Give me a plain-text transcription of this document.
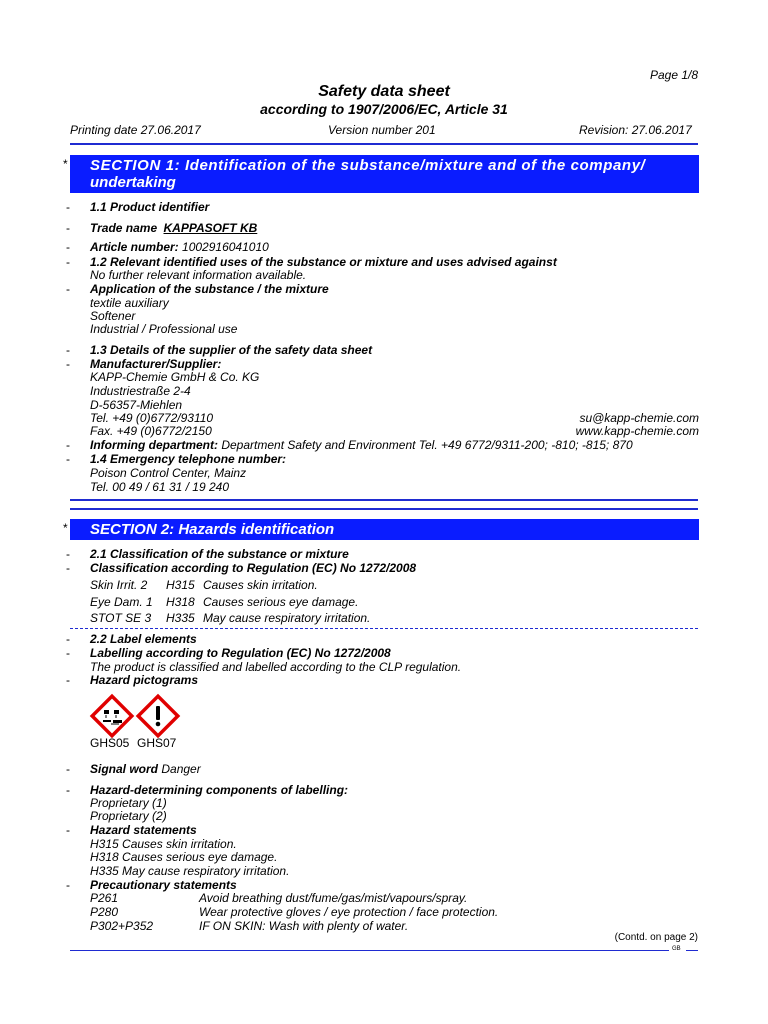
Page 1/8
Safety data sheet
according to 1907/2006/EC, Article 31
Printing date 27.06.2017	Version number 201	Revision: 27.06.2017
* SECTION 1: Identification of the substance/mixture and of the company/
undertaking
- 1.1 Product identifier
- Trade name KAPPASOFT KB
- Article number: 1002916041010
- 1.2 Relevant identified uses of the substance or mixture and uses advised against
No further relevant information available.
- Application of the substance / the mixture
textile auxiliary
Softener
Industrial / Professional use
- 1.3 Details of the supplier of the safety data sheet
- Manufacturer/Supplier:
KAPP-Chemie GmbH & Co. KG
Industriestraße 2-4
D-56357-Miehlen
Tel. +49 (0)6772/93110	su@kapp-chemie.com
Fax. +49 (0)6772/2150	www.kapp-chemie.com
- Informing department: Department Safety and Environment Tel. +49 6772/9311-200; -810; -815; 870
- 1.4 Emergency telephone number:
Poison Control Center, Mainz
Tel. 00 49 / 61 31 / 19 240
* SECTION 2: Hazards identification
- 2.1 Classification of the substance or mixture
- Classification according to Regulation (EC) No 1272/2008
Skin Irrit. 2 H315 Causes skin irritation.
Eye Dam. 1 H318 Causes serious eye damage.
STOT SE 3 H335 May cause respiratory irritation.
- 2.2 Label elements
- Labelling according to Regulation (EC) No 1272/2008
The product is classified and labelled according to the CLP regulation.
- Hazard pictograms
GHS05 GHS07
- Signal word Danger
- Hazard-determining components of labelling:
Proprietary (1)
Proprietary (2)
- Hazard statements
H315 Causes skin irritation.
H318 Causes serious eye damage.
H335 May cause respiratory irritation.
- Precautionary statements
P261	Avoid breathing dust/fume/gas/mist/vapours/spray.
P280	Wear protective gloves / eye protection / face protection.
P302+P352	IF ON SKIN: Wash with plenty of water.
(Contd. on page 2)
GB
